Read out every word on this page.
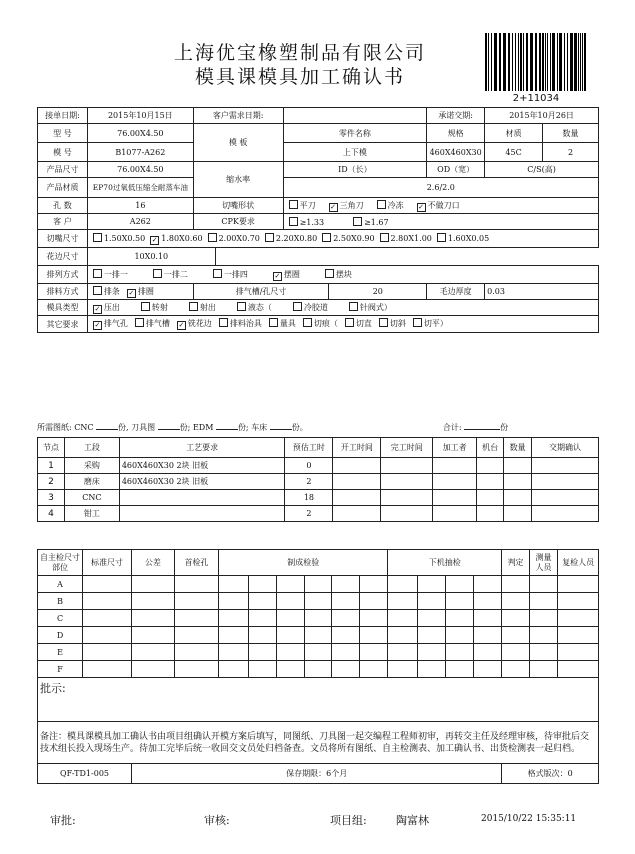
上海优宝橡塑制品有限公司
模具课模具加工确认书
2+11034
接单日期:	2015年10月15日	客户需求日期:				承诺交期:	2015年10月26日	
型 号	76.00X4.50	模 板		零件名称		规格	材质	数量
模 号	B1077-A262			上下模		460X460X30	45C	2
产品尺寸	76.00X4.50	缩水率		ID（长）		OD（宽）	C/S(高)	
产品材质	EP70过氧低压缩全耐蒸车油			2.6/2.0				
孔 数	16	切嘴形状		平刀 ✓ 三角刀 冷冻 ✓ 不做刀口				
客 户	A262	CPK要求		≥1.33 ≥1.67				
切嘴尺寸	1.50X0.50 ✓ 1.80X0.60 2.00X0.70 2.20X0.80 2.50X0.90 2.80X1.00 1.60X0.05							
花边尺寸	10X0.10							
排列方式	一排一 一排二 一排四 ✓ 摆圈 摆块							
排料方式	排条 ✓ 排圈	排气槽/孔尺寸			20	毛边厚度	0.03	
模具类型	✓ 压出 转射 射出 液态（ 冷胶道 针阀式）							
其它要求	✓ 排气孔 排气槽 ✓ 铣花边 排料治具 量具 切痕（ 切直 切斜 切平）							
所需图纸: CNC	份, 刀具图	份; EDM	份; 车床	份。	合计:	份
节点	工段	工艺要求	预估工时	开工时间	完工时间	加工者	机台	数量	交期确认
1	采购	460X460X30 2块 旧板	0						
2	磨床	460X460X30 2块 旧板	2						
3	CNC		18						
4	钳工		2						

自主检尺寸部位	标准尺寸	公差	首检孔	制成检验						下机抽检				判定	测量人员	复检人员
A																
B																
C																
D																
E																
F																
批示:																
备注：模具课模具加工确认书由项目组确认开模方案后填写，同图纸、刀具图一起交编程工程师初审，再转交主任及经理审核，待审批后交技术组长投入现场生产。待加工完毕后统一收回交文员处归档备查。文员将所有图纸、自主检测表、加工确认书、出货检测表一起归档。																
QF-TD1-005		保存期限：6个月												格式版次：0		
审批:	审核:	项目组:	陶富林	2015/10/22 15:35:11
